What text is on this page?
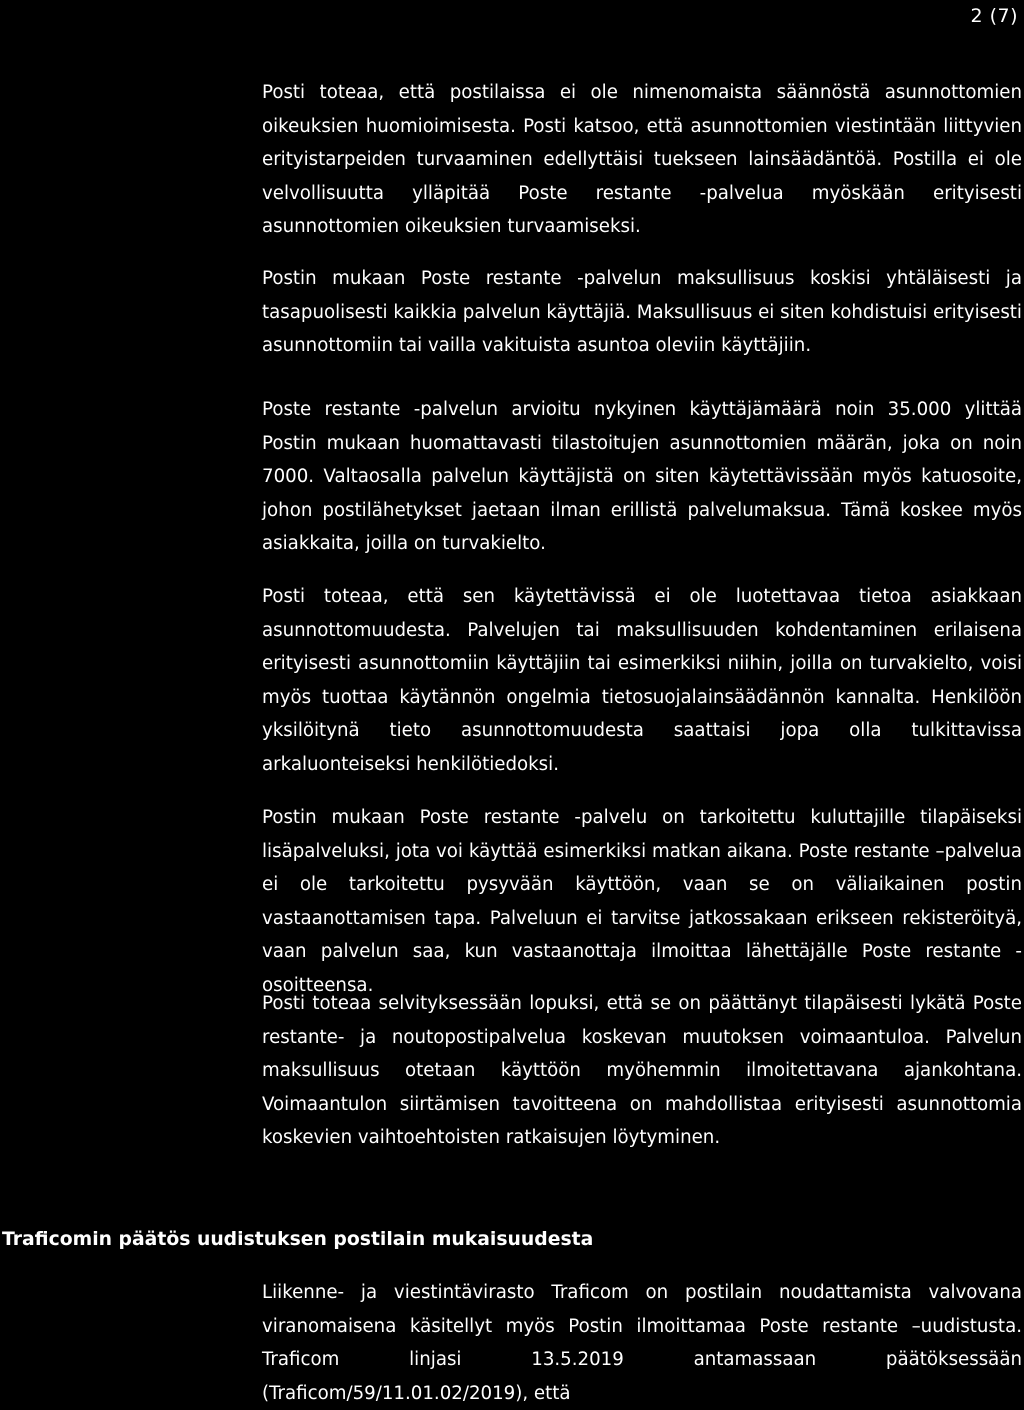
2 (7)

Posti toteaa, että postilaissa ei ole nimenomaista säännöstä asunnottomien oikeuksien huomioimisesta. Posti katsoo, että asunnottomien viestintään liittyvien erityistarpeiden turvaaminen edellyttäisi tuekseen lainsäädäntöä. Postilla ei ole velvollisuutta ylläpitää Poste restante -palvelua myöskään erityisesti asunnottomien oikeuksien turvaamiseksi.

Postin mukaan Poste restante -palvelun maksullisuus koskisi yhtäläisesti ja tasapuolisesti kaikkia palvelun käyttäjiä. Maksullisuus ei siten kohdistuisi erityisesti asunnottomiin tai vailla vakituista asuntoa oleviin käyttäjiin.

Poste restante -palvelun arvioitu nykyinen käyttäjämäärä noin 35.000 ylittää Postin mukaan huomattavasti tilastoitujen asunnottomien määrän, joka on noin 7000. Valtaosalla palvelun käyttäjistä on siten käytettävissään myös katuosoite, johon postilähetykset jaetaan ilman erillistä palvelumaksua. Tämä koskee myös asiakkaita, joilla on turvakielto.

Posti toteaa, että sen käytettävissä ei ole luotettavaa tietoa asiakkaan asunnottomuudesta. Palvelujen tai maksullisuuden kohdentaminen erilaisena erityisesti asunnottomiin käyttäjiin tai esimerkiksi niihin, joilla on turvakielto, voisi myös tuottaa käytännön ongelmia tietosuojalainsäädännön kannalta. Henkilöön yksilöitynä tieto asunnottomuudesta saattaisi jopa olla tulkittavissa arkaluonteiseksi henkilötiedoksi.

Postin mukaan Poste restante -palvelu on tarkoitettu kuluttajille tilapäiseksi lisäpalveluksi, jota voi käyttää esimerkiksi matkan aikana. Poste restante –palvelua ei ole tarkoitettu pysyvään käyttöön, vaan se on väliaikainen postin vastaanottamisen tapa. Palveluun ei tarvitse jatkossakaan erikseen rekisteröityä, vaan palvelun saa, kun vastaanottaja ilmoittaa lähettäjälle Poste restante -osoitteensa.

Posti toteaa selvityksessään lopuksi, että se on päättänyt tilapäisesti lykätä Poste restante- ja noutopostipalvelua koskevan muutoksen voimaantuloa. Palvelun maksullisuus otetaan käyttöön myöhemmin ilmoitettavana ajankohtana. Voimaantulon siirtämisen tavoitteena on mahdollistaa erityisesti asunnottomia koskevien vaihtoehtoisten ratkaisujen löytyminen.

Traficomin päätös uudistuksen postilain mukaisuudesta

Liikenne- ja viestintävirasto Traficom on postilain noudattamista valvovana viranomaisena käsitellyt myös Postin ilmoittamaa Poste restante –uudistusta. Traficom linjasi 13.5.2019 antamassaan päätöksessään (Traficom/59/11.01.02/2019), että
